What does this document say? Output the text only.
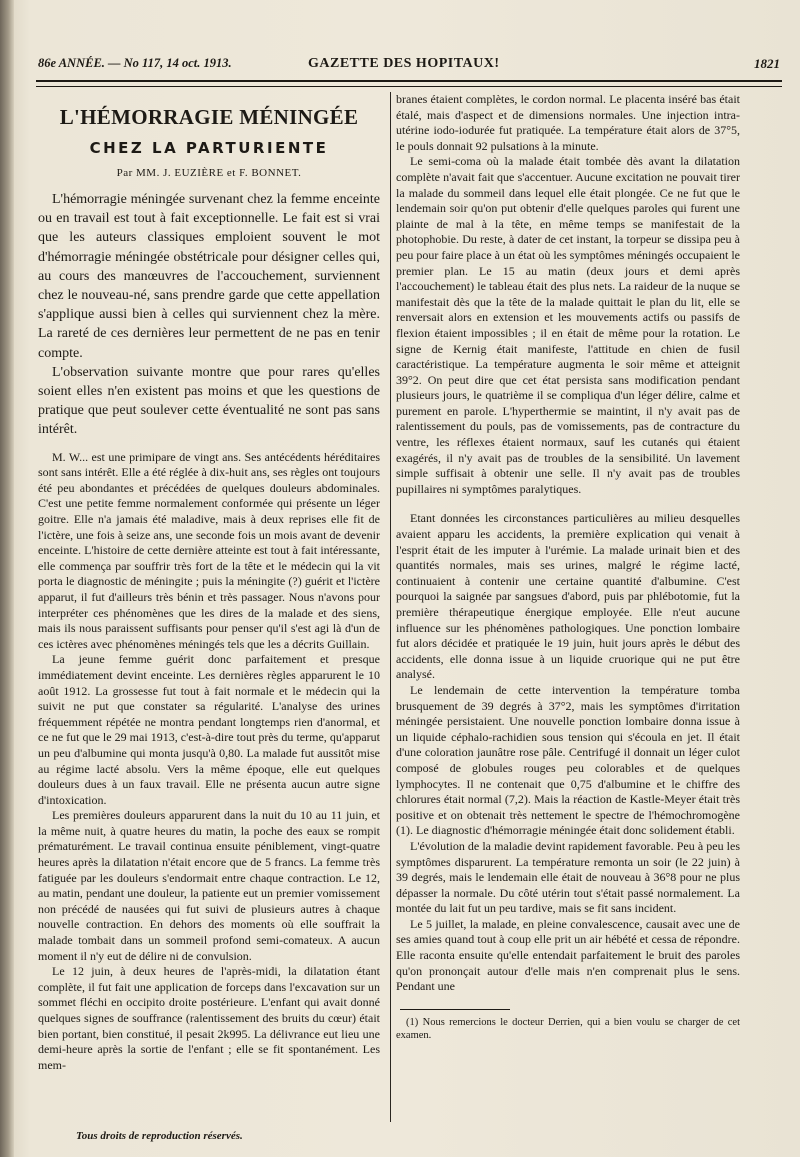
86e ANNÉE. — No 117, 14 oct. 1913.	GAZETTE DES HOPITAUX!	1821
L'HÉMORRAGIE MÉNINGÉE
CHEZ LA PARTURIENTE
Par MM. J. EUZIÈRE et F. BONNET.

L'hémorragie méningée survenant chez la femme enceinte ou en travail est tout à fait exceptionnelle. Le fait est si vrai que les auteurs classiques emploient souvent le mot d'hémorragie méningée obstétricale pour désigner celles qui, au cours des manœuvres de l'accouchement, surviennent chez le nouveau-né, sans prendre garde que cette appellation s'applique aussi bien à celles qui surviennent chez la mère. La rareté de ces dernières leur permettent de ne pas en tenir compte.

L'observation suivante montre que pour rares qu'elles soient elles n'en existent pas moins et que les questions de pratique que peut soulever cette éventualité ne sont pas sans intérêt.

M. W... est une primipare de vingt ans. Ses antécédents héréditaires sont sans intérêt. Elle a été réglée à dix-huit ans, ses règles ont toujours été peu abondantes et précédées de quelques douleurs abdominales. C'est une petite femme normalement conformée qui présente un léger goitre. Elle n'a jamais été maladive, mais à deux reprises elle fit de l'ictère, une fois à seize ans, une seconde fois un mois avant de devenir enceinte. L'histoire de cette dernière atteinte est tout à fait intéressante, elle commença par souffrir très fort de la tête et le médecin qui la vit porta le diagnostic de méningite ; puis la méningite (?) guérit et l'ictère apparut, il fut d'ailleurs très bénin et très passager. Nous n'avons pour interpréter ces phénomènes que les dires de la malade et des siens, mais ils nous paraissent suffisants pour penser qu'il s'est agi là d'un de ces ictères avec phénomènes méningés tels que les a décrits Guillain.

La jeune femme guérit donc parfaitement et presque immédiatement devint enceinte. Les dernières règles apparurent le 10 août 1912. La grossesse fut tout à fait normale et le médecin qui la suivit ne put que constater sa régularité. L'analyse des urines fréquemment répétée ne montra pendant longtemps rien d'anormal, et ce ne fut que le 29 mai 1913, c'est-à-dire tout près du terme, qu'apparut un peu d'albumine qui monta jusqu'à 0,80. La malade fut aussitôt mise au régime lacté absolu. Vers la même époque, elle eut quelques douleurs dues à un faux travail. Elle ne présenta aucun autre signe d'intoxication.

Les premières douleurs apparurent dans la nuit du 10 au 11 juin, et la même nuit, à quatre heures du matin, la poche des eaux se rompit prématurément. Le travail continua ensuite péniblement, vingt-quatre heures après la dilatation n'était encore que de 5 francs. La femme très fatiguée par les douleurs s'endormait entre chaque contraction. Le 12, au matin, pendant une douleur, la patiente eut un premier vomissement non précédé de nausées qui fut suivi de plusieurs autres à chaque nouvelle contraction. En dehors des moments où elle souffrait la malade tombait dans un sommeil profond semi-comateux. A aucun moment il n'y eut de délire ni de convulsion.

Le 12 juin, à deux heures de l'après-midi, la dilatation étant complète, il fut fait une application de forceps dans l'excavation sur un sommet fléchi en occipito droite postérieure. L'enfant qui avait donné quelques signes de souffrance (ralentissement des bruits du cœur) était bien portant, bien constitué, il pesait 2k995. La délivrance eut lieu une demi-heure après la sortie de l'enfant ; elle se fit spontanément. Les mem-

branes étaient complètes, le cordon normal. Le placenta inséré bas était étalé, mais d'aspect et de dimensions normales. Une injection intra-utérine iodo-iodurée fut pratiquée. La température était alors de 37°5, le pouls donnait 92 pulsations à la minute.

Le semi-coma où la malade était tombée dès avant la dilatation complète n'avait fait que s'accentuer. Aucune excitation ne pouvait tirer la malade du sommeil dans lequel elle était plongée. Ce ne fut que le lendemain soir qu'on put obtenir d'elle quelques paroles qui furent une plainte de mal à la tête, en même temps se manifestait de la photophobie. Du reste, à dater de cet instant, la torpeur se dissipa peu à peu pour faire place à un état où les symptômes méningés occupaient le premier plan. Le 15 au matin (deux jours et demi après l'accouchement) le tableau était des plus nets. La raideur de la nuque se manifestait dès que la tête de la malade quittait le plan du lit, elle se renversait alors en extension et les mouvements actifs ou passifs de flexion étaient impossibles ; il en était de même pour la rotation. Le signe de Kernig était manifeste, l'attitude en chien de fusil caractéristique. La température augmenta le soir même et atteignit 39°2. On peut dire que cet état persista sans modification pendant plusieurs jours, le quatrième il se compliqua d'un léger délire, calme et purement en parole. L'hyperthermie se maintint, il n'y avait pas de ralentissement du pouls, pas de vomissements, pas de contracture du ventre, les réflexes étaient normaux, sauf les cutanés qui étaient exagérés, il n'y avait pas de troubles de la sensibilité. Un lavement simple suffisait à obtenir une selle. Il n'y avait pas de troubles pupillaires ni symptômes paralytiques.

Etant données les circonstances particulières au milieu desquelles avaient apparu les accidents, la première explication qui venait à l'esprit était de les imputer à l'urémie. La malade urinait bien et des quantités normales, mais ses urines, malgré le régime lacté, continuaient à contenir une certaine quantité d'albumine. C'est pourquoi la saignée par sangsues d'abord, puis par phlébotomie, fut la première thérapeutique énergique employée. Elle n'eut aucune influence sur les phénomènes pathologiques. Une ponction lombaire fut alors décidée et pratiquée le 19 juin, huit jours après le début des accidents, elle donna issue à un liquide cruorique qui ne put être analysé.

Le lendemain de cette intervention la température tomba brusquement de 39 degrés à 37°2, mais les symptômes d'irritation méningée persistaient. Une nouvelle ponction lombaire donna issue à un liquide céphalo-rachidien sous tension qui s'écoula en jet. Il était d'une coloration jaunâtre rose pâle. Centrifugé il donnait un léger culot composé de globules rouges peu colorables et de quelques lymphocytes. Il ne contenait que 0,75 d'albumine et le chiffre des chlorures était normal (7,2). Mais la réaction de Kastle-Meyer était très positive et on obtenait très nettement le spectre de l'hémochromogène (1). Le diagnostic d'hémorragie méningée était donc solidement établi.

L'évolution de la maladie devint rapidement favorable. Peu à peu les symptômes disparurent. La température remonta un soir (le 22 juin) à 39 degrés, mais le lendemain elle était de nouveau à 36°8 pour ne plus dépasser la normale. Du côté utérin tout s'était passé normalement. La montée du lait fut un peu tardive, mais se fit sans incident.

Le 5 juillet, la malade, en pleine convalescence, causait avec une de ses amies quand tout à coup elle prit un air hébété et cessa de répondre. Elle raconta ensuite qu'elle entendait parfaitement le bruit des paroles qu'on prononçait autour d'elle mais n'en comprenait plus le sens. Pendant une

(1) Nous remercions le docteur Derrien, qui a bien voulu se charger de cet examen.

Tous droits de reproduction réservés.
